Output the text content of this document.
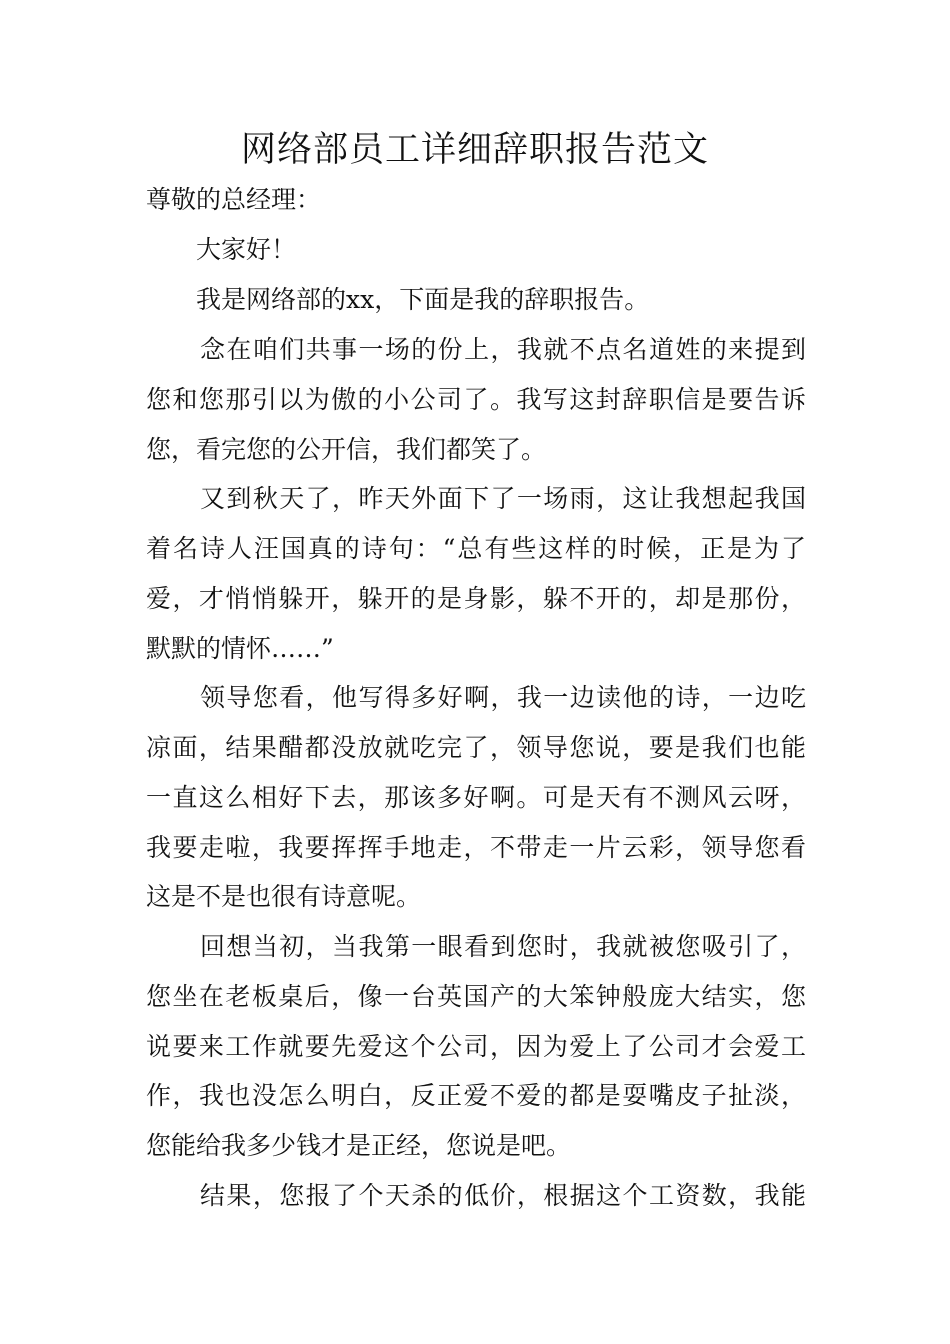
网络部员工详细辞职报告范文

尊敬的总经理：

大家好！

我是网络部的xx，下面是我的辞职报告。

念在咱们共事一场的份上，我就不点名道姓的来提到

您和您那引以为傲的小公司了。我写这封辞职信是要告诉

您，看完您的公开信，我们都笑了。

又到秋天了，昨天外面下了一场雨，这让我想起我国

着名诗人汪国真的诗句：“总有些这样的时候，正是为了

爱，才悄悄躲开，躲开的是身影，躲不开的，却是那份，

默默的情怀……”

领导您看，他写得多好啊，我一边读他的诗，一边吃

凉面，结果醋都没放就吃完了，领导您说，要是我们也能

一直这么相好下去，那该多好啊。可是天有不测风云呀，

我要走啦，我要挥挥手地走，不带走一片云彩，领导您看

这是不是也很有诗意呢。

回想当初，当我第一眼看到您时，我就被您吸引了，

您坐在老板桌后，像一台英国产的大笨钟般庞大结实，您

说要来工作就要先爱这个公司，因为爱上了公司才会爱工

作，我也没怎么明白，反正爱不爱的都是耍嘴皮子扯淡，

您能给我多少钱才是正经，您说是吧。

结果，您报了个天杀的低价，根据这个工资数，我能
